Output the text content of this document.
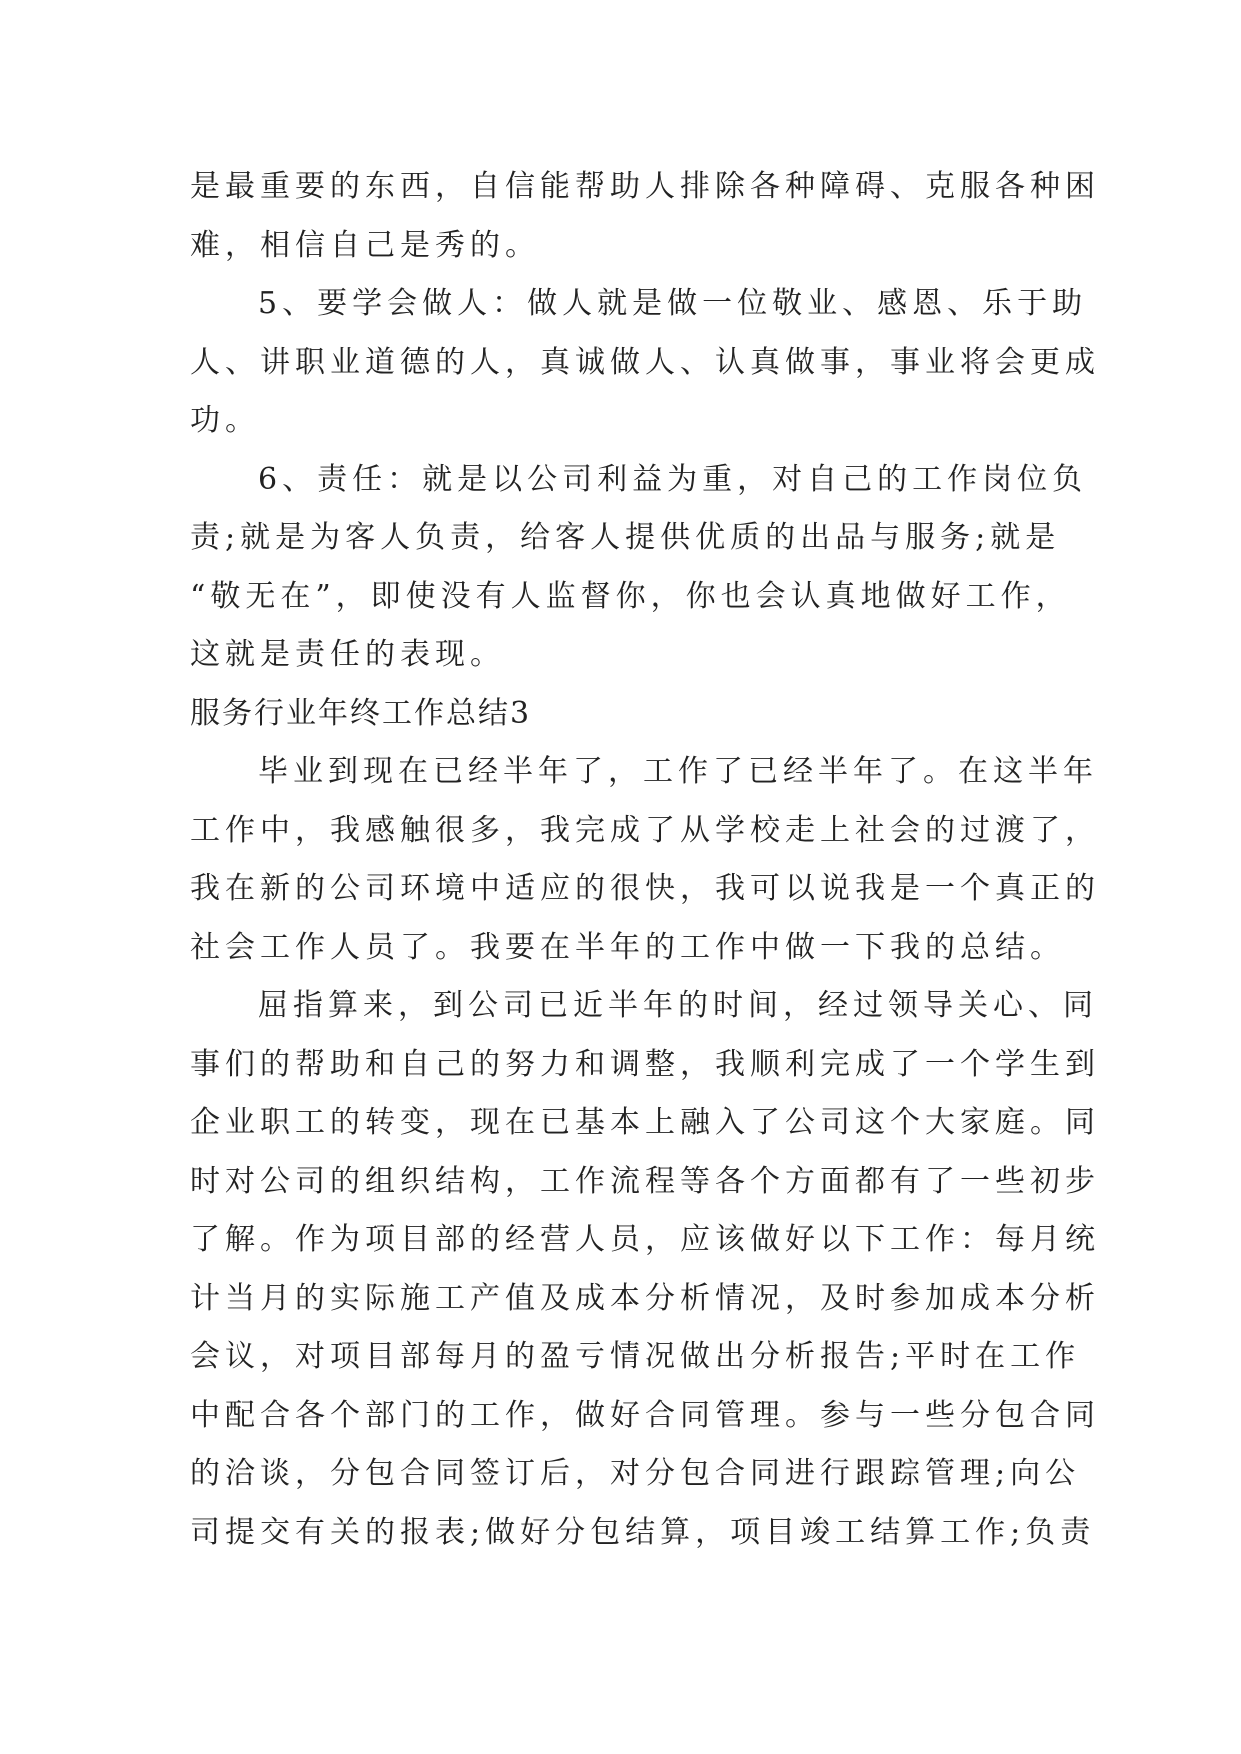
是最重要的东西，自信能帮助人排除各种障碍、克服各种困
难，相信自己是秀的。
5、要学会做人：做人就是做一位敬业、感恩、乐于助
人、讲职业道德的人，真诚做人、认真做事，事业将会更成
功。
6、责任：就是以公司利益为重，对自己的工作岗位负
责;就是为客人负责，给客人提供优质的出品与服务;就是
“敬无在”，即使没有人监督你，你也会认真地做好工作，
这就是责任的表现。
服务行业年终工作总结3
毕业到现在已经半年了，工作了已经半年了。在这半年
工作中，我感触很多，我完成了从学校走上社会的过渡了，
我在新的公司环境中适应的很快，我可以说我是一个真正的
社会工作人员了。我要在半年的工作中做一下我的总结。
屈指算来，到公司已近半年的时间，经过领导关心、同
事们的帮助和自己的努力和调整，我顺利完成了一个学生到
企业职工的转变，现在已基本上融入了公司这个大家庭。同
时对公司的组织结构，工作流程等各个方面都有了一些初步
了解。作为项目部的经营人员，应该做好以下工作：每月统
计当月的实际施工产值及成本分析情况，及时参加成本分析
会议，对项目部每月的盈亏情况做出分析报告;平时在工作
中配合各个部门的工作，做好合同管理。参与一些分包合同
的洽谈，分包合同签订后，对分包合同进行跟踪管理;向公
司提交有关的报表;做好分包结算，项目竣工结算工作;负责
